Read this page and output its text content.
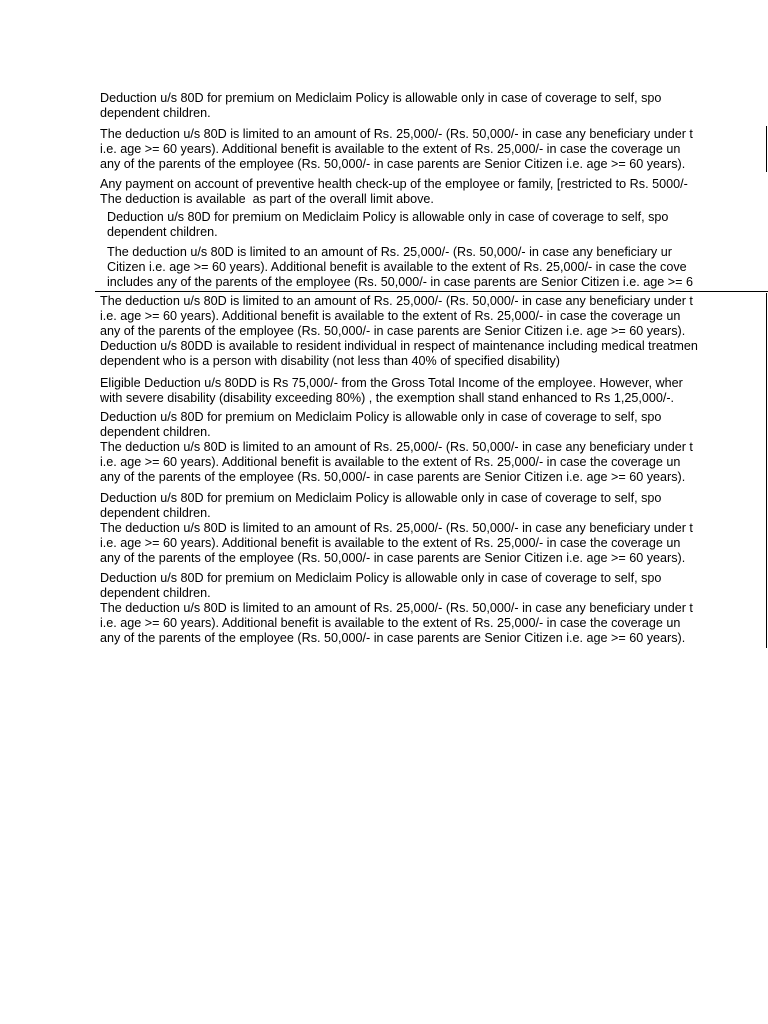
Deduction u/s 80D for premium on Mediclaim Policy is allowable only in case of coverage to self, spo
dependent children.
The deduction u/s 80D is limited to an amount of Rs. 25,000/- (Rs. 50,000/- in case any beneficiary under t
i.e. age >= 60 years). Additional benefit is available to the extent of Rs. 25,000/- in case the coverage un
any of the parents of the employee (Rs. 50,000/- in case parents are Senior Citizen i.e. age >= 60 years).
Any payment on account of preventive health check-up of the employee or family, [restricted to Rs. 5000/-
The deduction is available  as part of the overall limit above.
Deduction u/s 80D for premium on Mediclaim Policy is allowable only in case of coverage to self, spo
dependent children.
The deduction u/s 80D is limited to an amount of Rs. 25,000/- (Rs. 50,000/- in case any beneficiary ur
Citizen i.e. age >= 60 years). Additional benefit is available to the extent of Rs. 25,000/- in case the cove
includes any of the parents of the employee (Rs. 50,000/- in case parents are Senior Citizen i.e. age >= 6
The deduction u/s 80D is limited to an amount of Rs. 25,000/- (Rs. 50,000/- in case any beneficiary under t
i.e. age >= 60 years). Additional benefit is available to the extent of Rs. 25,000/- in case the coverage un
any of the parents of the employee (Rs. 50,000/- in case parents are Senior Citizen i.e. age >= 60 years).
Deduction u/s 80DD is available to resident individual in respect of maintenance including medical treatmen
dependent who is a person with disability (not less than 40% of specified disability)
Eligible Deduction u/s 80DD is Rs 75,000/- from the Gross Total Income of the employee. However, wher
with severe disability (disability exceeding 80%) , the exemption shall stand enhanced to Rs 1,25,000/-.
Deduction u/s 80D for premium on Mediclaim Policy is allowable only in case of coverage to self, spo
dependent children.
The deduction u/s 80D is limited to an amount of Rs. 25,000/- (Rs. 50,000/- in case any beneficiary under t
i.e. age >= 60 years). Additional benefit is available to the extent of Rs. 25,000/- in case the coverage un
any of the parents of the employee (Rs. 50,000/- in case parents are Senior Citizen i.e. age >= 60 years).
Deduction u/s 80D for premium on Mediclaim Policy is allowable only in case of coverage to self, spo
dependent children.
The deduction u/s 80D is limited to an amount of Rs. 25,000/- (Rs. 50,000/- in case any beneficiary under t
i.e. age >= 60 years). Additional benefit is available to the extent of Rs. 25,000/- in case the coverage un
any of the parents of the employee (Rs. 50,000/- in case parents are Senior Citizen i.e. age >= 60 years).
Deduction u/s 80D for premium on Mediclaim Policy is allowable only in case of coverage to self, spo
dependent children.
The deduction u/s 80D is limited to an amount of Rs. 25,000/- (Rs. 50,000/- in case any beneficiary under t
i.e. age >= 60 years). Additional benefit is available to the extent of Rs. 25,000/- in case the coverage un
any of the parents of the employee (Rs. 50,000/- in case parents are Senior Citizen i.e. age >= 60 years).
